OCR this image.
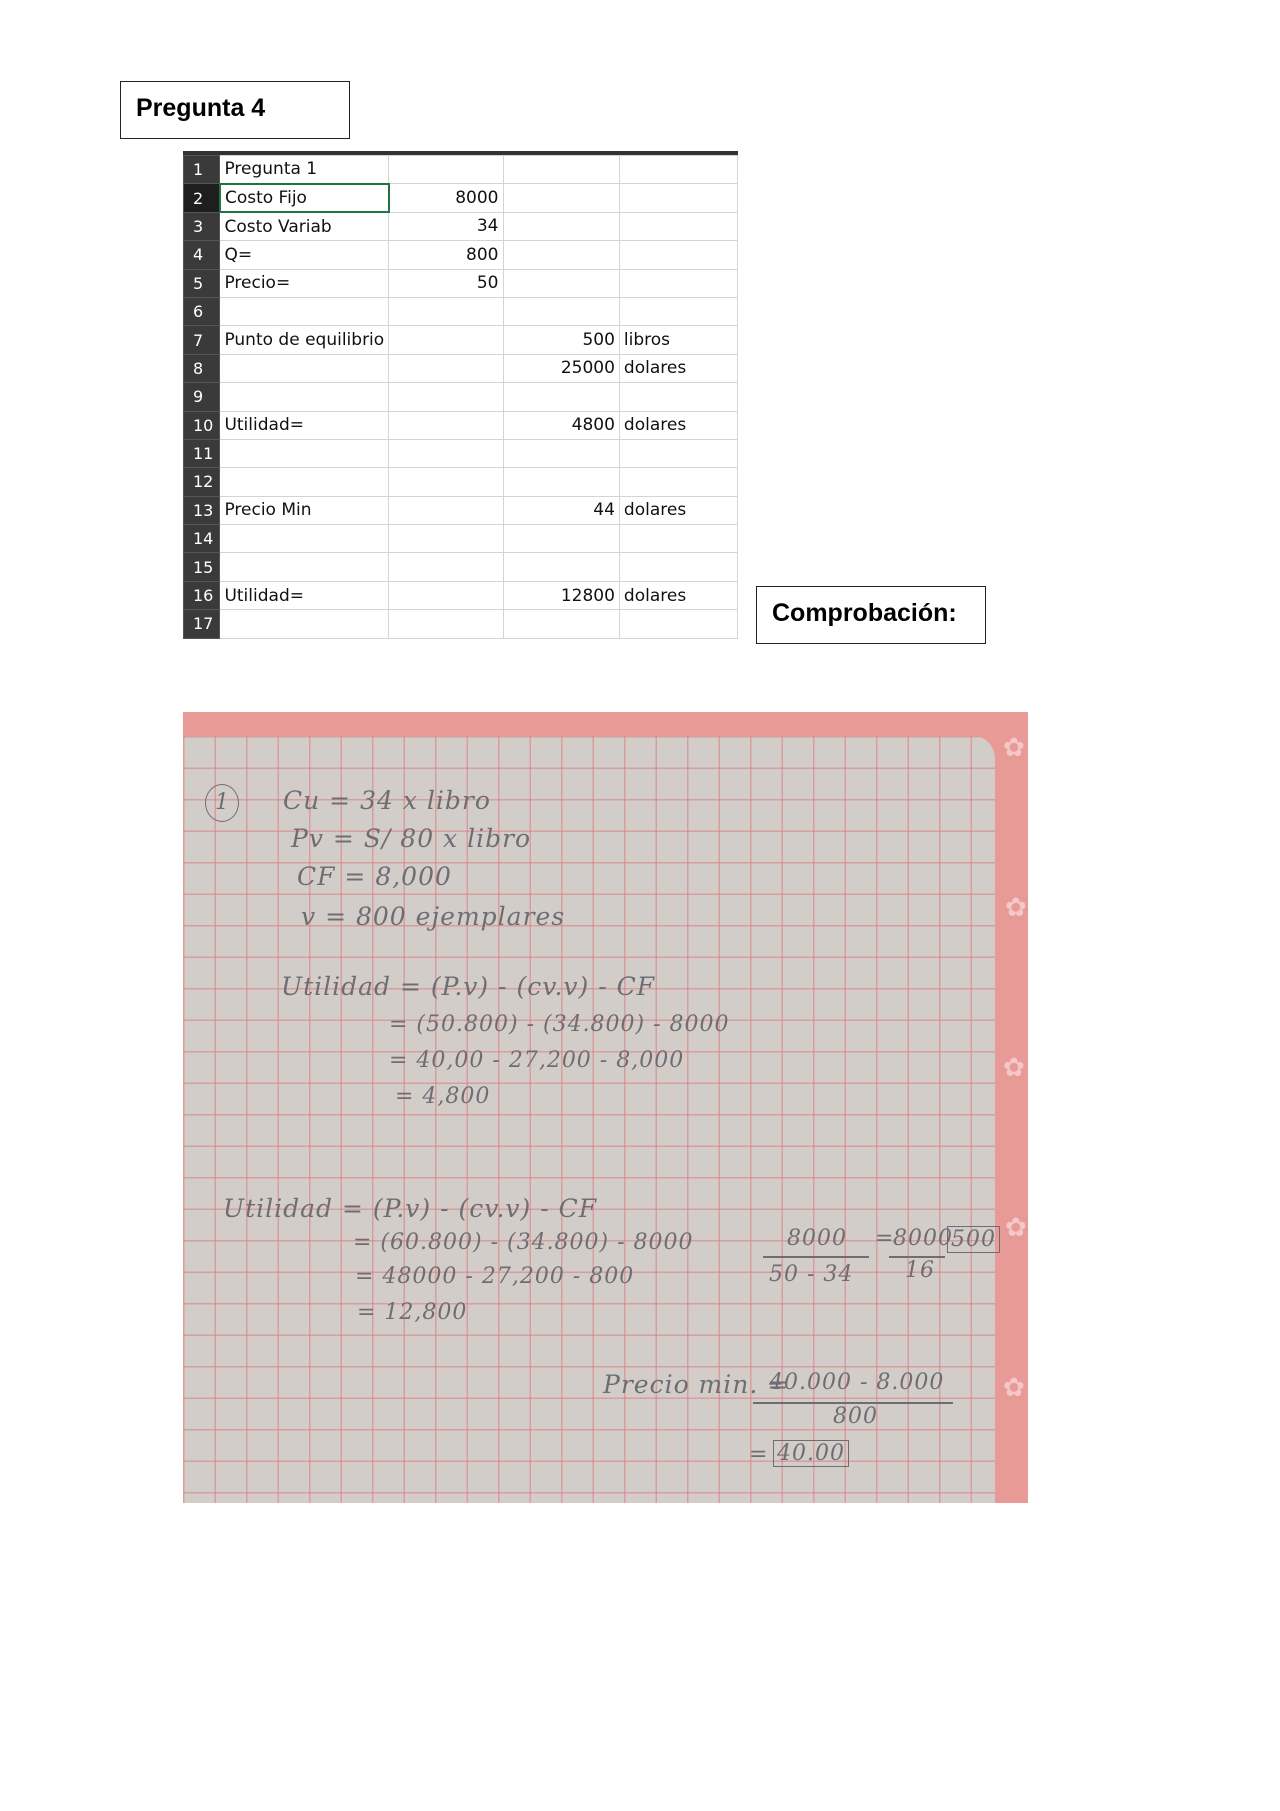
Pregunta 4
1	Pregunta 1			
2	Costo Fijo	8000		
3	Costo Variab	34		
4	Q=	800		
5	Precio=	50		
6				
7	Punto de equilibrio		500	libros
8			25000	dolares
9				
10	Utilidad=		4800	dolares
11				
12				
13	Precio Min		44	dolares
14				
15				
16	Utilidad=		12800	dolares
17					Comprobación:
✿
✿
✿
✿
✿
1	Cu = 34 x libro
Pv = S/ 80 x libro
CF = 8,000
v = 800 ejemplares
Utilidad = (P.v) - (cv.v) - CF
= (50.800) - (34.800) - 8000
= 40,00 - 27,200 - 8,000
= 4,800
Utilidad = (P.v) - (cv.v) - CF
= (60.800) - (34.800) - 8000
= 48000 - 27,200 - 800
= 12,800
8000
50 - 34
=
8000
16
500
Precio min. =
40.000 - 8.000
800
= 40.00
